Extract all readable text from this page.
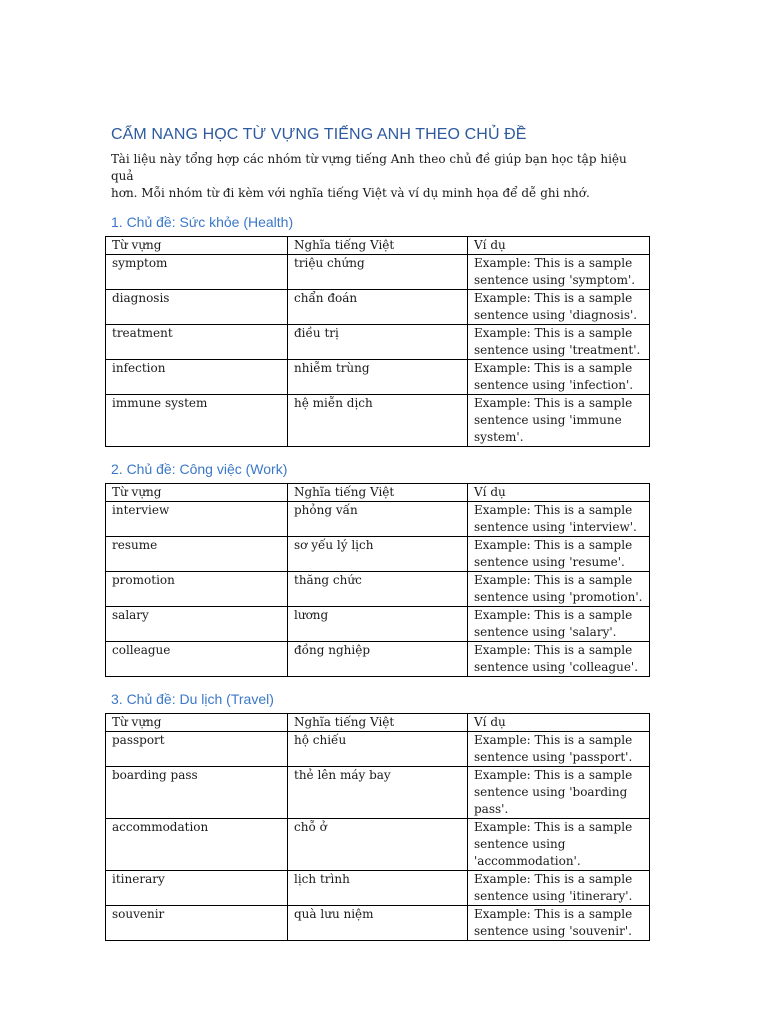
CẨM NANG HỌC TỪ VỰNG TIẾNG ANH THEO CHỦ ĐỀ

Tài liệu này tổng hợp các nhóm từ vựng tiếng Anh theo chủ đề giúp bạn học tập hiệu quả
hơn. Mỗi nhóm từ đi kèm với nghĩa tiếng Việt và ví dụ minh họa để dễ ghi nhớ.

1. Chủ đề: Sức khỏe (Health)
Từ vựng	Nghĩa tiếng Việt	Ví dụ
symptom	triệu chứng	Example: This is a sample sentence using 'symptom'.
diagnosis	chẩn đoán	Example: This is a sample sentence using 'diagnosis'.
treatment	điều trị	Example: This is a sample sentence using 'treatment'.
infection	nhiễm trùng	Example: This is a sample sentence using 'infection'.
immune system	hệ miễn dịch	Example: This is a sample sentence using 'immune system'.
2. Chủ đề: Công việc (Work)
Từ vựng	Nghĩa tiếng Việt	Ví dụ
interview	phỏng vấn	Example: This is a sample sentence using 'interview'.
resume	sơ yếu lý lịch	Example: This is a sample sentence using 'resume'.
promotion	thăng chức	Example: This is a sample sentence using 'promotion'.
salary	lương	Example: This is a sample sentence using 'salary'.
colleague	đồng nghiệp	Example: This is a sample sentence using 'colleague'.
3. Chủ đề: Du lịch (Travel)
Từ vựng	Nghĩa tiếng Việt	Ví dụ
passport	hộ chiếu	Example: This is a sample sentence using 'passport'.
boarding pass	thẻ lên máy bay	Example: This is a sample sentence using 'boarding pass'.
accommodation	chỗ ở	Example: This is a sample sentence using 'accommodation'.
itinerary	lịch trình	Example: This is a sample sentence using 'itinerary'.
souvenir	quà lưu niệm	Example: This is a sample sentence using 'souvenir'.
